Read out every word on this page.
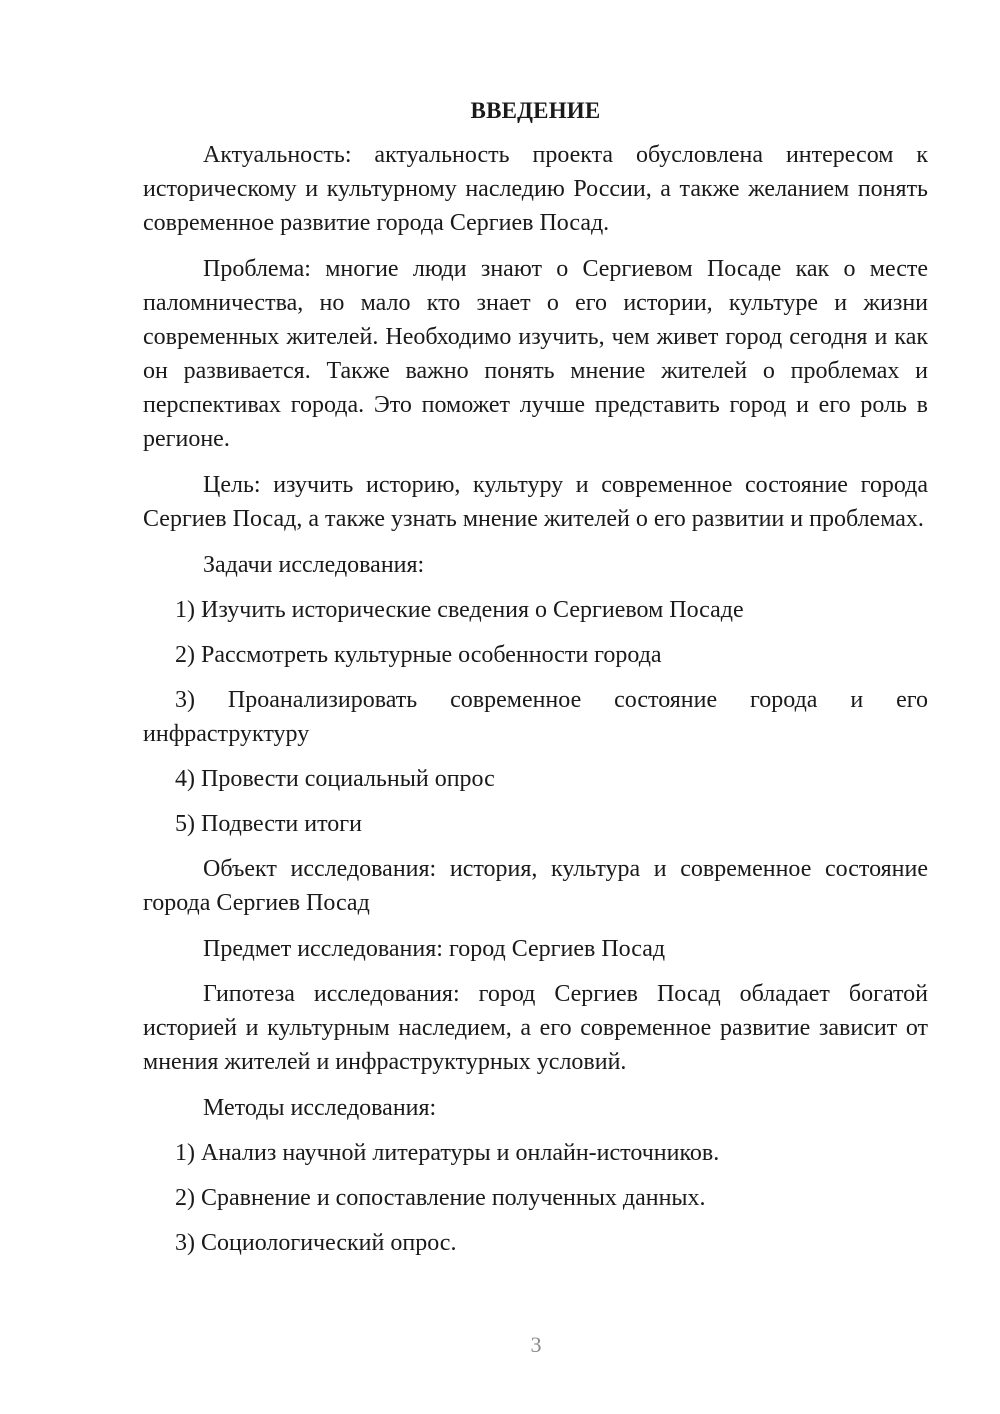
ВВЕДЕНИЕ

Актуальность: актуальность проекта обусловлена интересом к историческому и культурному наследию России, а также желанием понять современное развитие города Сергиев Посад.

Проблема: многие люди знают о Сергиевом Посаде как о месте паломничества, но мало кто знает о его истории, культуре и жизни современных жителей. Необходимо изучить, чем живет город сегодня и как он развивается. Также важно понять мнение жителей о проблемах и перспективах города. Это поможет лучше представить город и его роль в регионе.

Цель: изучить историю, культуру и современное состояние города Сергиев Посад, а также узнать мнение жителей о его развитии и проблемах.

Задачи исследования:

1) Изучить исторические сведения о Сергиевом Посаде

2) Рассмотреть культурные особенности города

3) Проанализировать современное состояние города и его инфраструктуру

4) Провести социальный опрос

5) Подвести итоги

Объект исследования: история, культура и современное состояние города Сергиев Посад

Предмет исследования: город Сергиев Посад

Гипотеза исследования: город Сергиев Посад обладает богатой историей и культурным наследием, а его современное развитие зависит от мнения жителей и инфраструктурных условий.

Методы исследования:

1) Анализ научной литературы и онлайн-источников.

2) Сравнение и сопоставление полученных данных.

3) Социологический опрос.

3
